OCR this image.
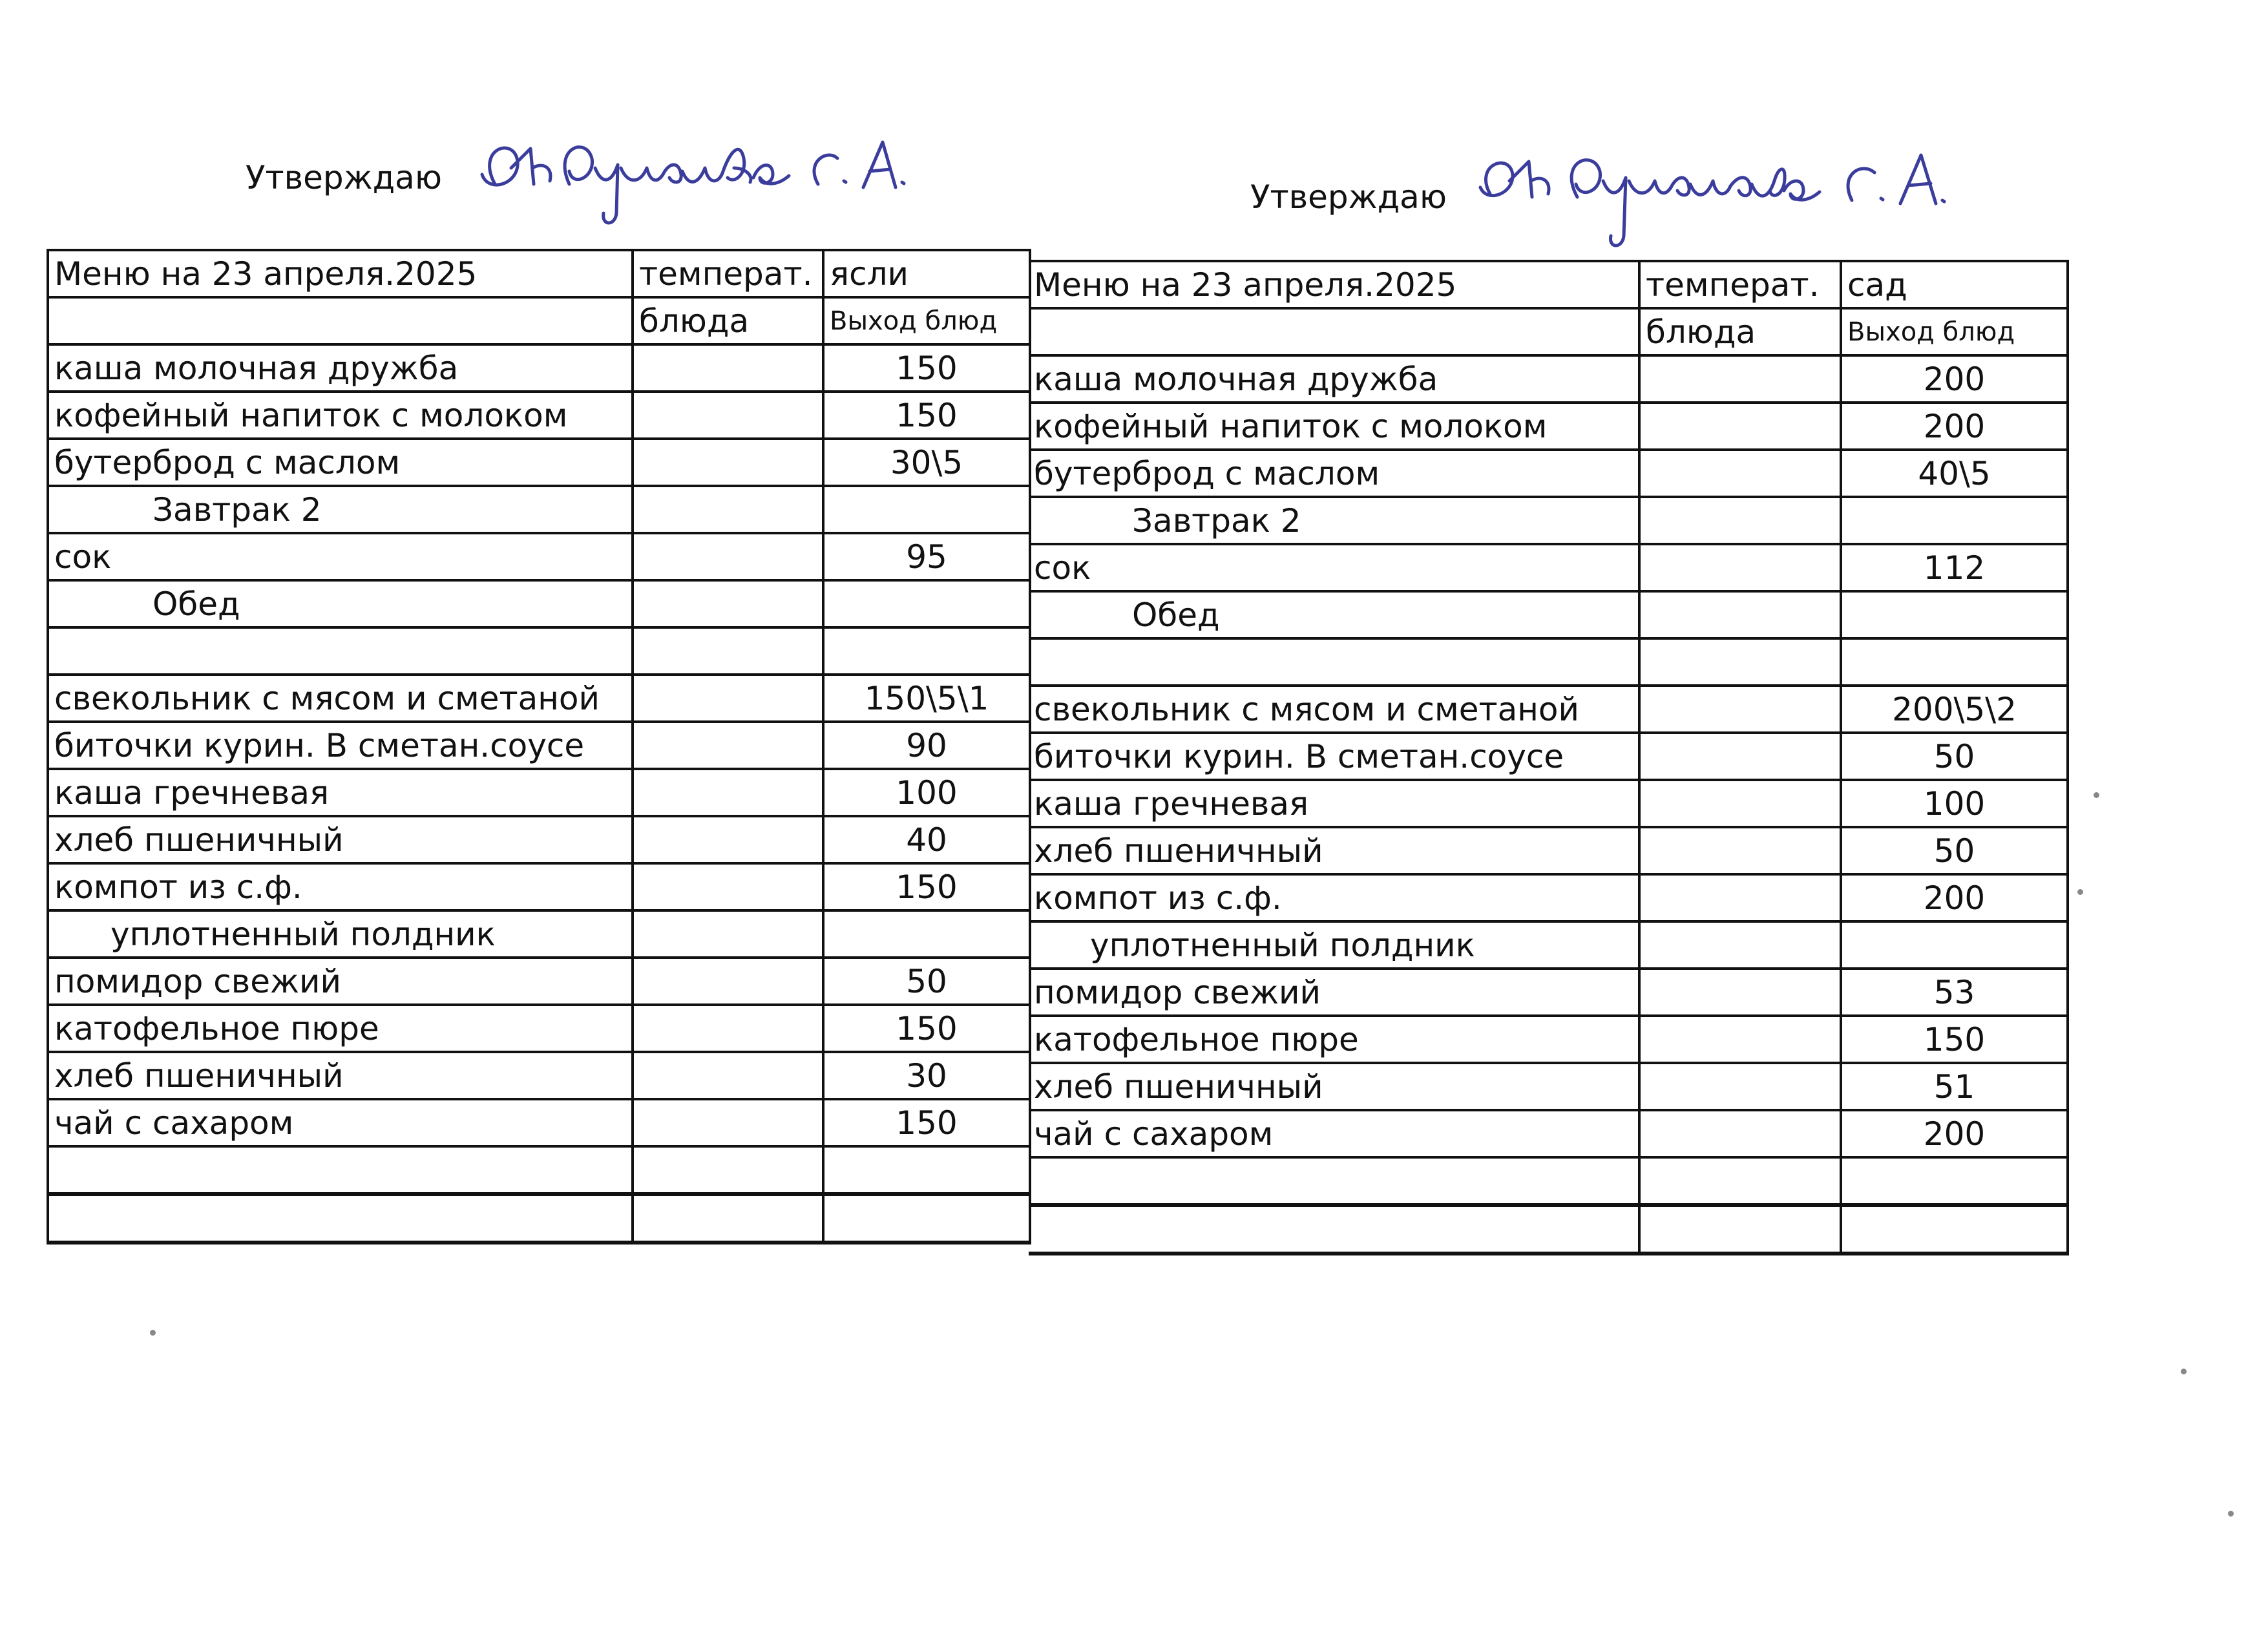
Утверждаю
Утверждаю
Меню на 23 апреля.2025	температ.	ясли
	блюда	Выход блюд
каша молочная дружба		150
кофейный напиток с молоком		150
бутерброд с маслом		30\5
Завтрак 2		
сок		95
Обед		

свекольник с мясом и сметаной		150\5\1
биточки курин. В сметан.соусе		90
каша гречневая		100
хлеб пшеничный		40
компот из с.ф.		150
уплотненный полдник		
помидор свежий		50
катофельное пюре		150
хлеб пшеничный		30
чай с сахаром		150

Меню на 23 апреля.2025	температ.	сад
	блюда	Выход блюд
каша молочная дружба		200
кофейный напиток с молоком		200
бутерброд с маслом		40\5
Завтрак 2		
сок		112
Обед		

свекольник с мясом и сметаной		200\5\2
биточки курин. В сметан.соусе		50
каша гречневая		100
хлеб пшеничный		50
компот из с.ф.		200
уплотненный полдник		
помидор свежий		53
катофельное пюре		150
хлеб пшеничный		51
чай с сахаром		200
